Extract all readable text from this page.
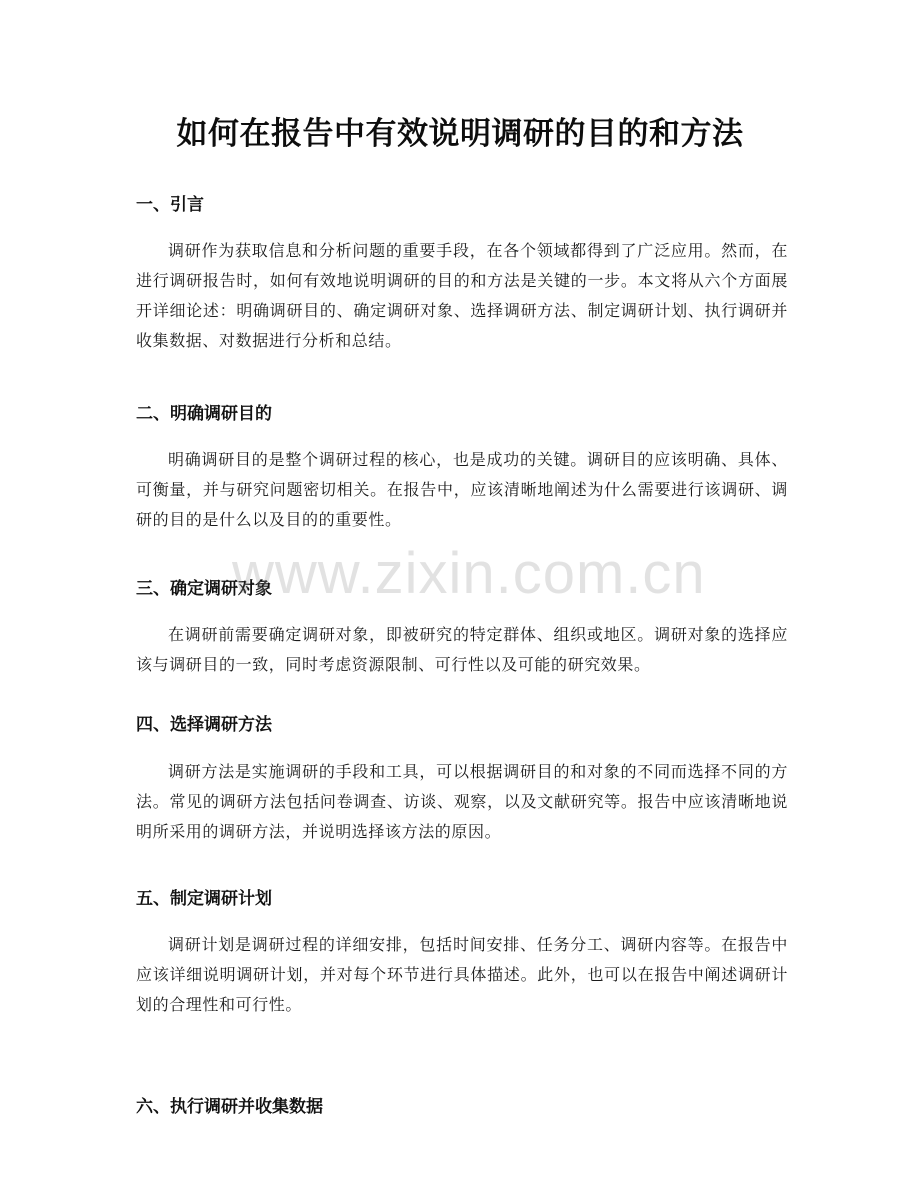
如何在报告中有效说明调研的目的和方法
一、引言
调研作为获取信息和分析问题的重要手段，在各个领域都得到了广泛应用。然而，在进行调研报告时，如何有效地说明调研的目的和方法是关键的一步。本文将从六个方面展开详细论述：明确调研目的、确定调研对象、选择调研方法、制定调研计划、执行调研并收集数据、对数据进行分析和总结。
二、明确调研目的
明确调研目的是整个调研过程的核心，也是成功的关键。调研目的应该明确、具体、可衡量，并与研究问题密切相关。在报告中，应该清晰地阐述为什么需要进行该调研、调研的目的是什么以及目的的重要性。
三、确定调研对象
在调研前需要确定调研对象，即被研究的特定群体、组织或地区。调研对象的选择应该与调研目的一致，同时考虑资源限制、可行性以及可能的研究效果。
四、选择调研方法
调研方法是实施调研的手段和工具，可以根据调研目的和对象的不同而选择不同的方法。常见的调研方法包括问卷调查、访谈、观察，以及文献研究等。报告中应该清晰地说明所采用的调研方法，并说明选择该方法的原因。
五、制定调研计划
调研计划是调研过程的详细安排，包括时间安排、任务分工、调研内容等。在报告中应该详细说明调研计划，并对每个环节进行具体描述。此外，也可以在报告中阐述调研计划的合理性和可行性。
六、执行调研并收集数据
www.zixin.com.cn
